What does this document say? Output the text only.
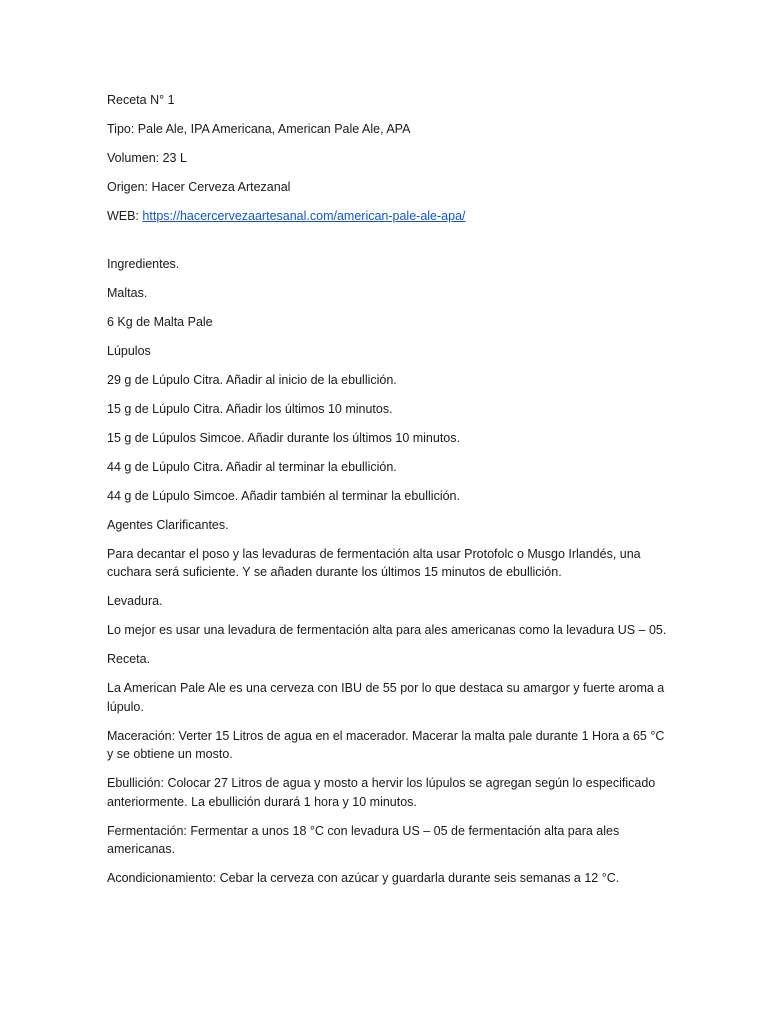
Receta N° 1

Tipo: Pale Ale, IPA Americana, American Pale Ale, APA

Volumen: 23 L

Origen: Hacer Cerveza Artezanal

WEB: https://hacercervezaartesanal.com/american-pale-ale-apa/

Ingredientes.

Maltas.

6 Kg de Malta Pale

Lúpulos

29 g de Lúpulo Citra. Añadir al inicio de la ebullición.

15 g de Lúpulo Citra. Añadir los últimos 10 minutos.

15 g de Lúpulos Simcoe. Añadir durante los últimos 10 minutos.

44 g de Lúpulo Citra. Añadir al terminar la ebullición.

44 g de Lúpulo Simcoe. Añadir también al terminar la ebullición.

Agentes Clarificantes.

Para decantar el poso y las levaduras de fermentación alta usar Protofolc o Musgo Irlandés, una cuchara será suficiente. Y se añaden durante los últimos 15 minutos de ebullición.

Levadura.

Lo mejor es usar una levadura de fermentación alta para ales americanas como la levadura US – 05.

Receta.

La American Pale Ale es una cerveza con IBU de 55 por lo que destaca su amargor y fuerte aroma a lúpulo.

Maceración: Verter 15 Litros de agua en el macerador. Macerar la malta pale durante 1 Hora a 65 °C y se obtiene un mosto.

Ebullición: Colocar 27 Litros de agua y mosto a hervir los lúpulos se agregan según lo especificado anteriormente. La ebullición durará 1 hora y 10 minutos.

Fermentación: Fermentar a unos 18 °C con levadura US – 05 de fermentación alta para ales americanas.

Acondicionamiento: Cebar la cerveza con azúcar y guardarla durante seis semanas a 12 °C.
